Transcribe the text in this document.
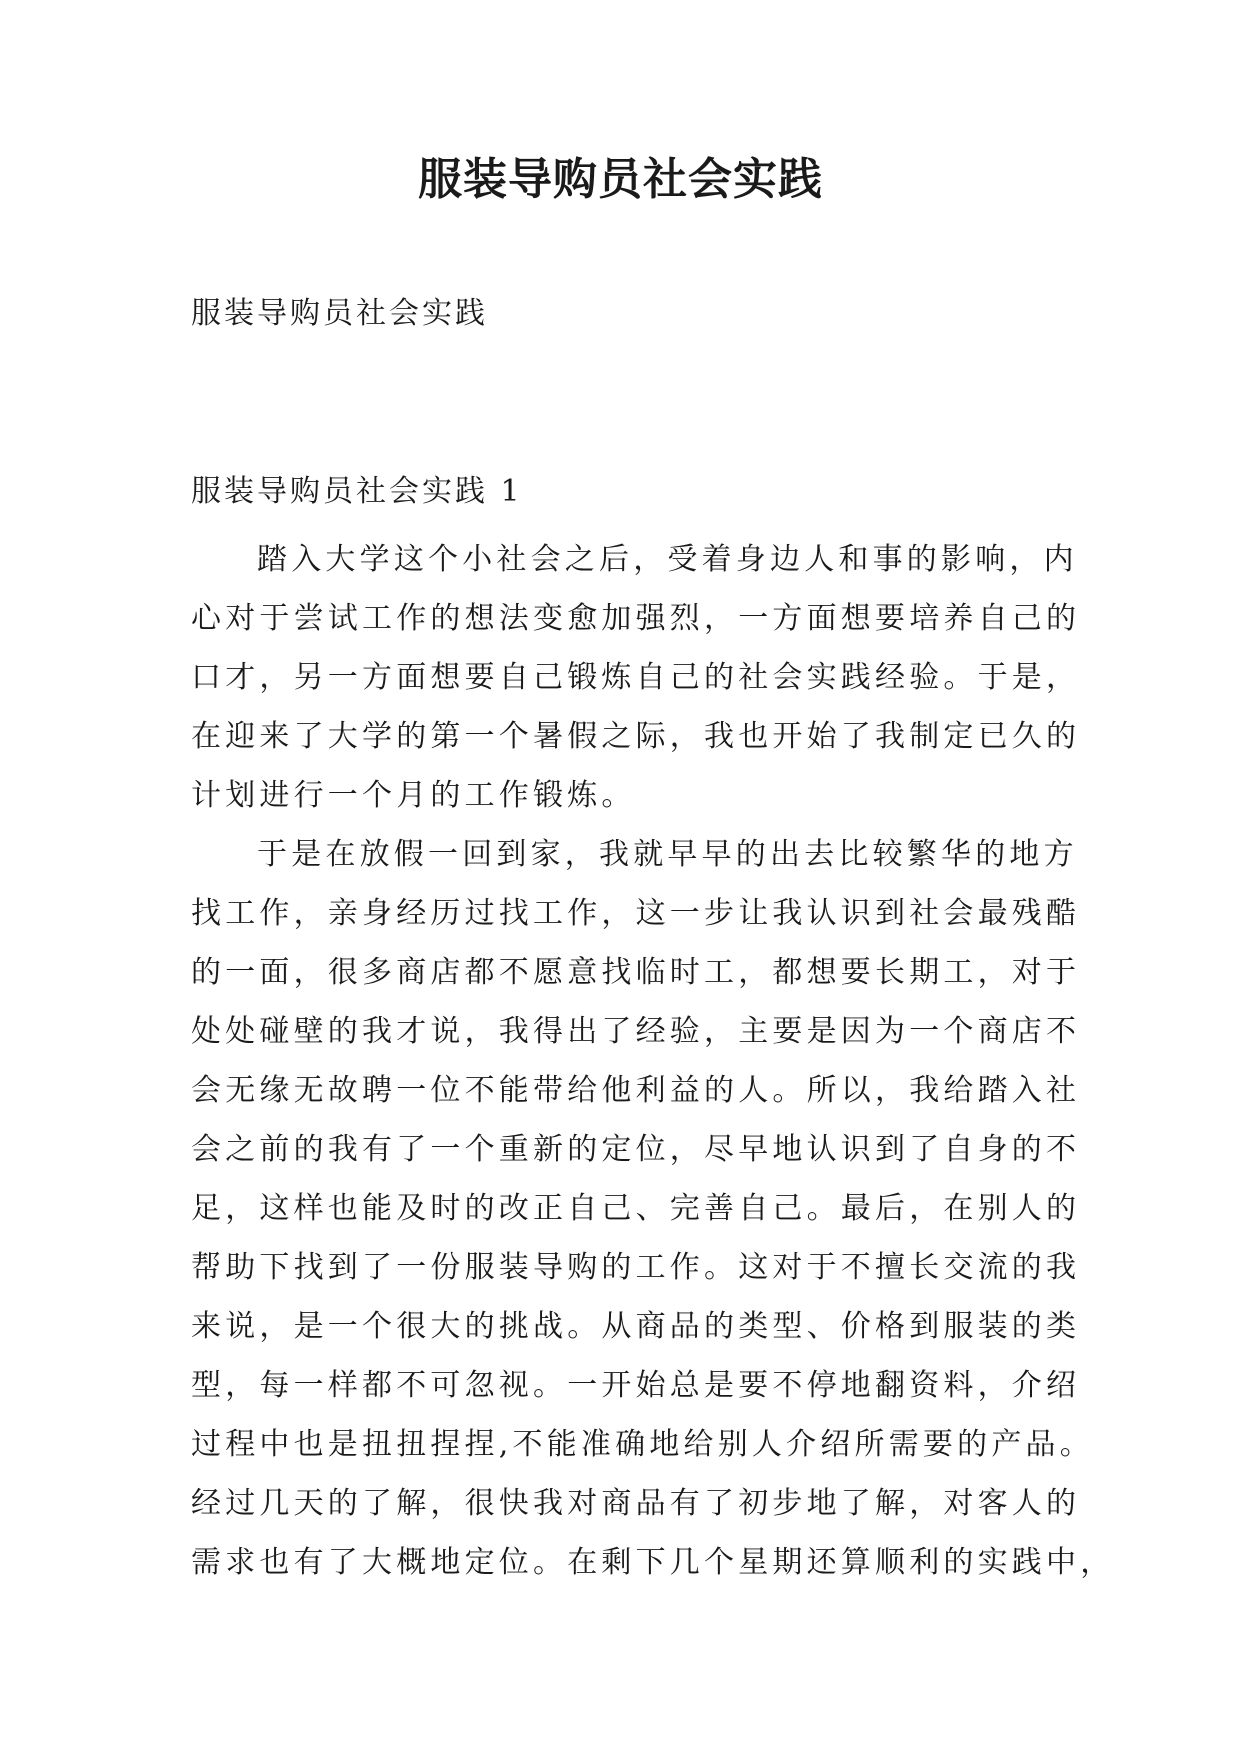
服装导购员社会实践

服装导购员社会实践

服装导购员社会实践 1

踏入大学这个小社会之后，受着身边人和事的影响，内
心对于尝试工作的想法变愈加强烈，一方面想要培养自己的
口才，另一方面想要自己锻炼自己的社会实践经验。于是，
在迎来了大学的第一个暑假之际，我也开始了我制定已久的
计划进行一个月的工作锻炼。

于是在放假一回到家，我就早早的出去比较繁华的地方
找工作，亲身经历过找工作，这一步让我认识到社会最残酷
的一面，很多商店都不愿意找临时工，都想要长期工，对于
处处碰壁的我才说，我得出了经验，主要是因为一个商店不
会无缘无故聘一位不能带给他利益的人。所以，我给踏入社
会之前的我有了一个重新的定位，尽早地认识到了自身的不
足，这样也能及时的改正自己、完善自己。最后，在别人的
帮助下找到了一份服装导购的工作。这对于不擅长交流的我
来说，是一个很大的挑战。从商品的类型、价格到服装的类
型，每一样都不可忽视。一开始总是要不停地翻资料，介绍
过程中也是扭扭捏捏,不能准确地给别人介绍所需要的产品。
经过几天的了解，很快我对商品有了初步地了解，对客人的
需求也有了大概地定位。在剩下几个星期还算顺利的实践中，
